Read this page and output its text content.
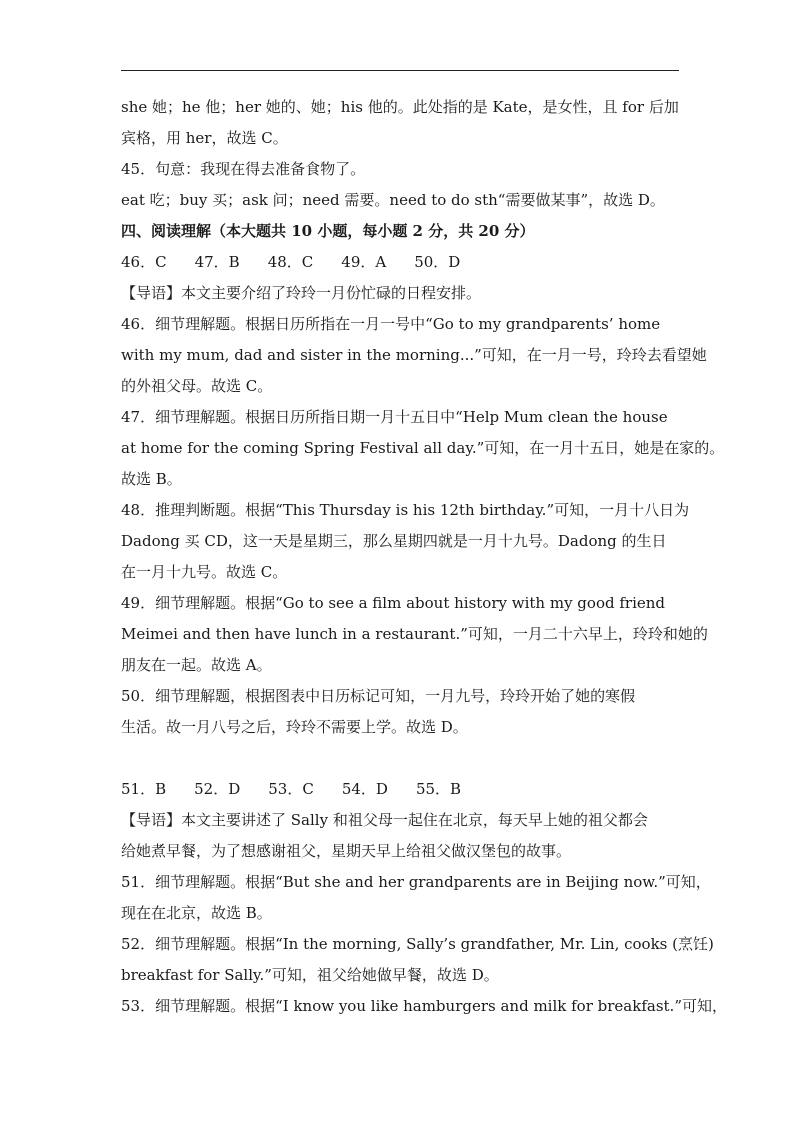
she 她；he 他；her 她的、她；his 他的。此处指的是 Kate，是女性，且 for 后加
宾格，用 her，故选 C。
45．句意：我现在得去准备食物了。
eat 吃；buy 买；ask 问；need 需要。need to do sth“需要做某事”，故选 D。
四、阅读理解（本大题共 10 小题，每小题 2 分，共 20 分）
46．C 47．B 48．C 49．A 50．D
【导语】本文主要介绍了玲玲一月份忙碌的日程安排。
46．细节理解题。根据日历所指在一月一号中“Go to my grandparents’ home
with my mum, dad and sister in the morning...”可知，在一月一号，玲玲去看望她
的外祖父母。故选 C。
47．细节理解题。根据日历所指日期一月十五日中“Help Mum clean the house
at home for the coming Spring Festival all day.”可知，在一月十五日，她是在家的。
故选 B。
48．推理判断题。根据“This Thursday is his 12th birthday.”可知，一月十八日为
Dadong 买 CD，这一天是星期三，那么星期四就是一月十九号。Dadong 的生日
在一月十九号。故选 C。
49．细节理解题。根据“Go to see a film about history with my good friend
Meimei and then have lunch in a restaurant.”可知，一月二十六早上，玲玲和她的
朋友在一起。故选 A。
50．细节理解题，根据图表中日历标记可知，一月九号，玲玲开始了她的寒假
生活。故一月八号之后，玲玲不需要上学。故选 D。
51．B 52．D 53．C 54．D 55．B
【导语】本文主要讲述了 Sally 和祖父母一起住在北京，每天早上她的祖父都会
给她煮早餐，为了想感谢祖父，星期天早上给祖父做汉堡包的故事。
51．细节理解题。根据“But she and her grandparents are in Beijing now.”可知，
现在在北京，故选 B。
52．细节理解题。根据“In the morning, Sally’s grandfather, Mr. Lin, cooks (烹饪)
breakfast for Sally.”可知，祖父给她做早餐，故选 D。
53．细节理解题。根据“I know you like hamburgers and milk for breakfast.”可知，
